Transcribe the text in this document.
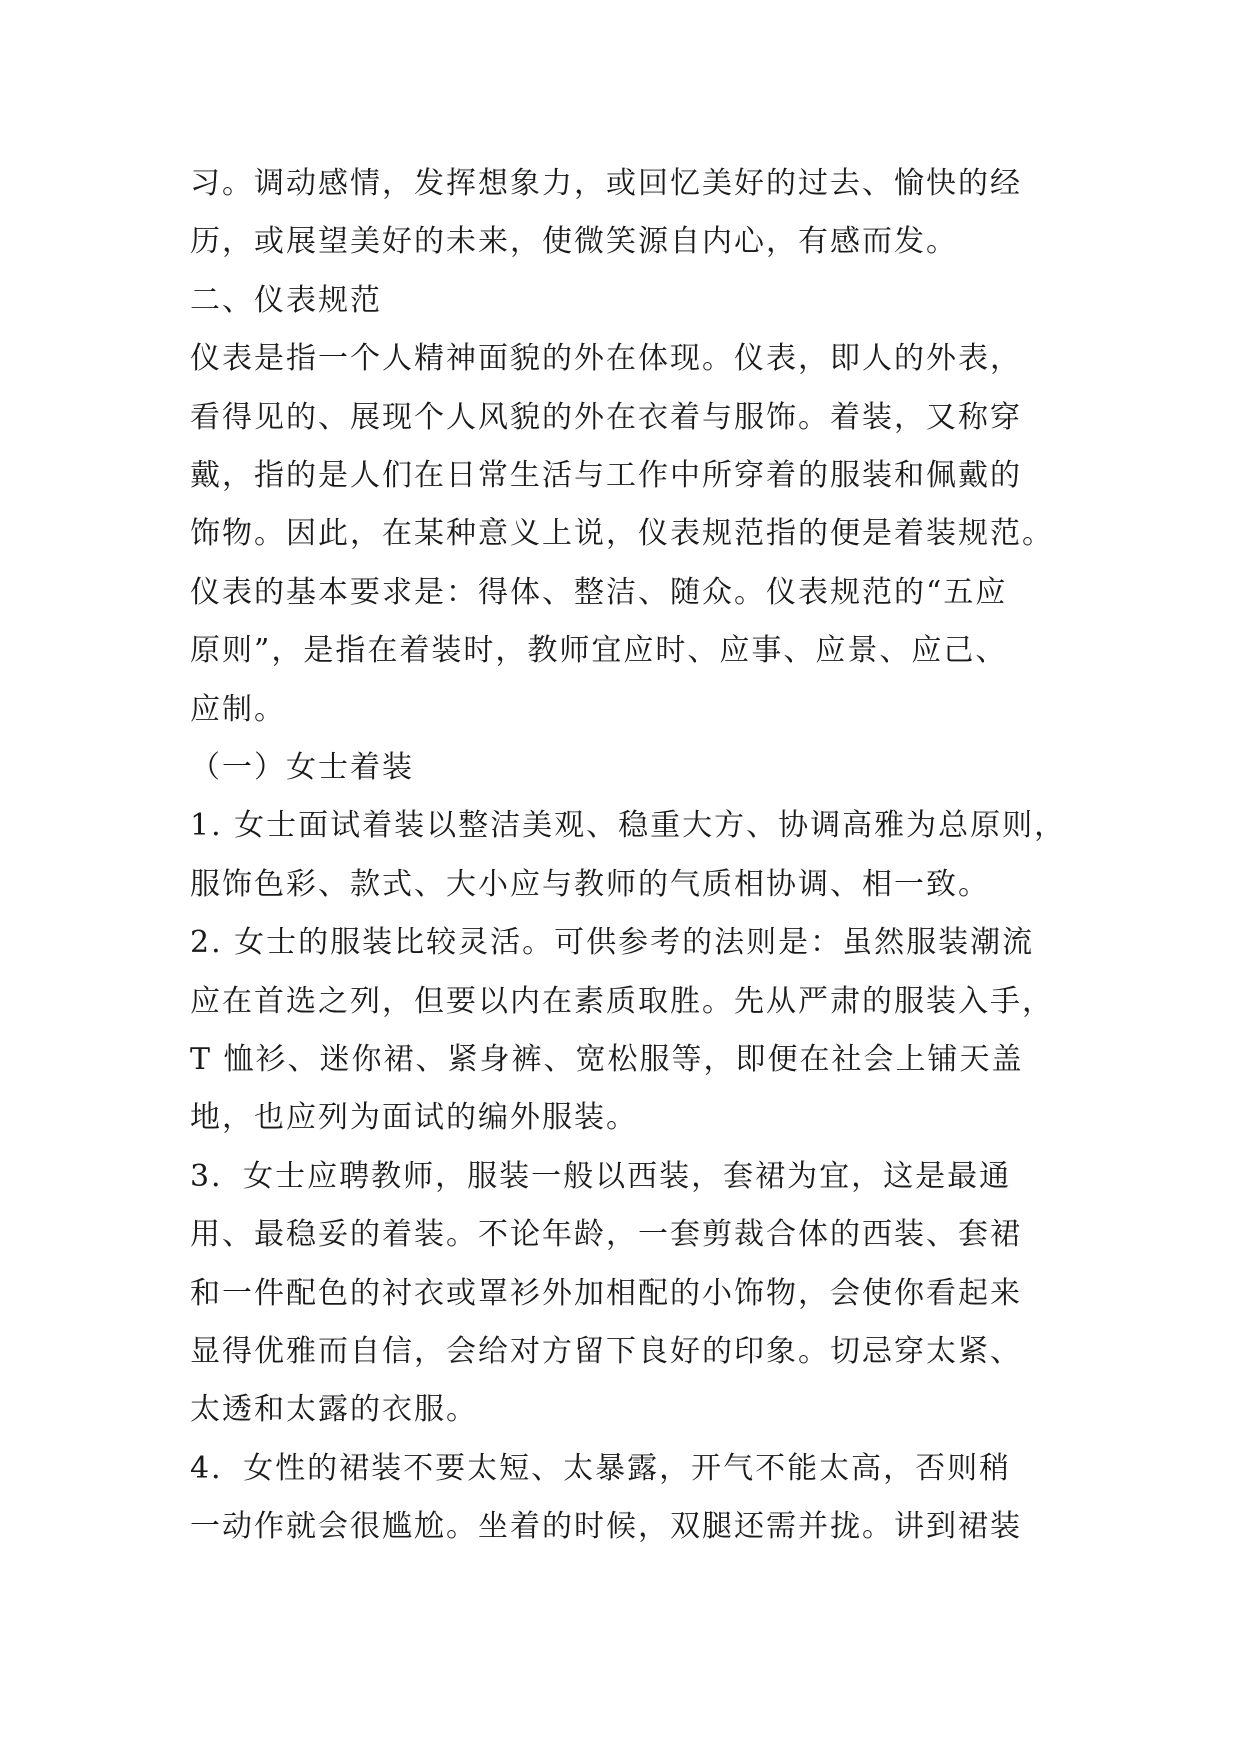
习。调动感情，发挥想象力，或回忆美好的过去、愉快的经
历，或展望美好的未来，使微笑源自内心，有感而发。
二、仪表规范
仪表是指一个人精神面貌的外在体现。仪表，即人的外表，
看得见的、展现个人风貌的外在衣着与服饰。着装，又称穿
戴，指的是人们在日常生活与工作中所穿着的服装和佩戴的
饰物。因此，在某种意义上说，仪表规范指的便是着装规范。
仪表的基本要求是：得体、整洁、随众。仪表规范的“五应
原则”，是指在着装时，教师宜应时、应事、应景、应己、
应制。
（一）女士着装
1. 女士面试着装以整洁美观、稳重大方、协调高雅为总原则，
服饰色彩、款式、大小应与教师的气质相协调、相一致。
2. 女士的服装比较灵活。可供参考的法则是：虽然服装潮流
应在首选之列，但要以内在素质取胜。先从严肃的服装入手，
T 恤衫、迷你裙、紧身裤、宽松服等，即便在社会上铺天盖
地，也应列为面试的编外服装。
3．女士应聘教师，服装一般以西装，套裙为宜，这是最通
用、最稳妥的着装。不论年龄，一套剪裁合体的西装、套裙
和一件配色的衬衣或罩衫外加相配的小饰物，会使你看起来
显得优雅而自信，会给对方留下良好的印象。切忌穿太紧、
太透和太露的衣服。
4．女性的裙装不要太短、太暴露，开气不能太高，否则稍
一动作就会很尴尬。坐着的时候，双腿还需并拢。讲到裙装
